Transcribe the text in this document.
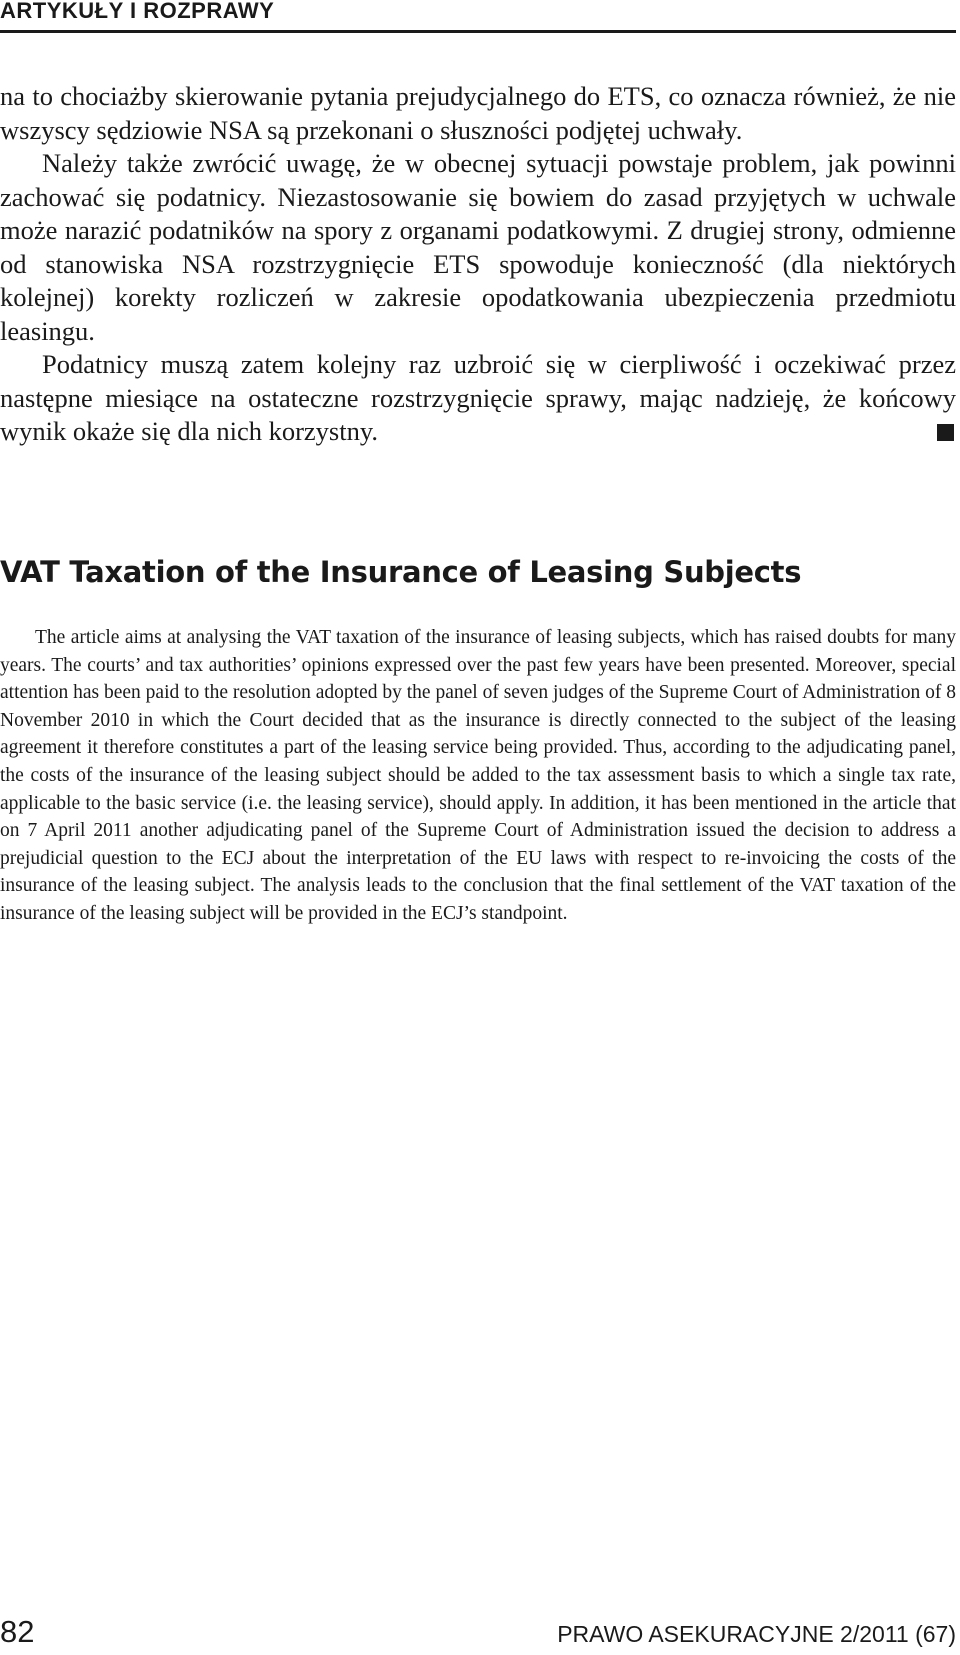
ARTYKUŁY I ROZPRAWY

na to chociażby skierowanie pytania prejudycjalnego do ETS, co oznacza również, że nie wszyscy sędziowie NSA są przekonani o słuszności podjętej uchwały.

Należy także zwrócić uwagę, że w obecnej sytuacji powstaje problem, jak powinni zachować się podatnicy. Niezastosowanie się bowiem do zasad przyjętych w uchwale może narazić podatników na spory z organami podatkowymi. Z drugiej strony, odmienne od stanowiska NSA rozstrzygnięcie ETS spowoduje konieczność (dla niektórych kolejnej) korekty rozliczeń w zakresie opodatkowania ubezpieczenia przedmiotu leasingu.

Podatnicy muszą zatem kolejny raz uzbroić się w cierpliwość i oczekiwać przez następne miesiące na ostateczne rozstrzygnięcie sprawy, mając nadzieję, że końcowy wynik okaże się dla nich korzystny.

VAT Taxation of the Insurance of Leasing Subjects

The article aims at analysing the VAT taxation of the insurance of leasing subjects, which has raised doubts for many years. The courts’ and tax authorities’ opinions expressed over the past few years have been presented. Moreover, special attention has been paid to the resolution adopted by the panel of seven judges of the Supreme Court of Administration of 8 November 2010 in which the Court decided that as the insurance is directly connected to the subject of the leasing agreement it therefore constitutes a part of the leasing service being provided. Thus, according to the adjudicating panel, the costs of the insurance of the leasing subject should be added to the tax assessment basis to which a single tax rate, applicable to the basic service (i.e. the leasing service), should apply. In addition, it has been mentioned in the article that on 7 April 2011 another adjudicating panel of the Supreme Court of Administration issued the decision to address a prejudicial question to the ECJ about the interpretation of the EU laws with respect to re-invoicing the costs of the insurance of the leasing subject. The analysis leads to the conclusion that the final settlement of the VAT taxation of the insurance of the leasing subject will be provided in the ECJ’s standpoint.

82	PRAWO ASEKURACYJNE 2/2011 (67)
